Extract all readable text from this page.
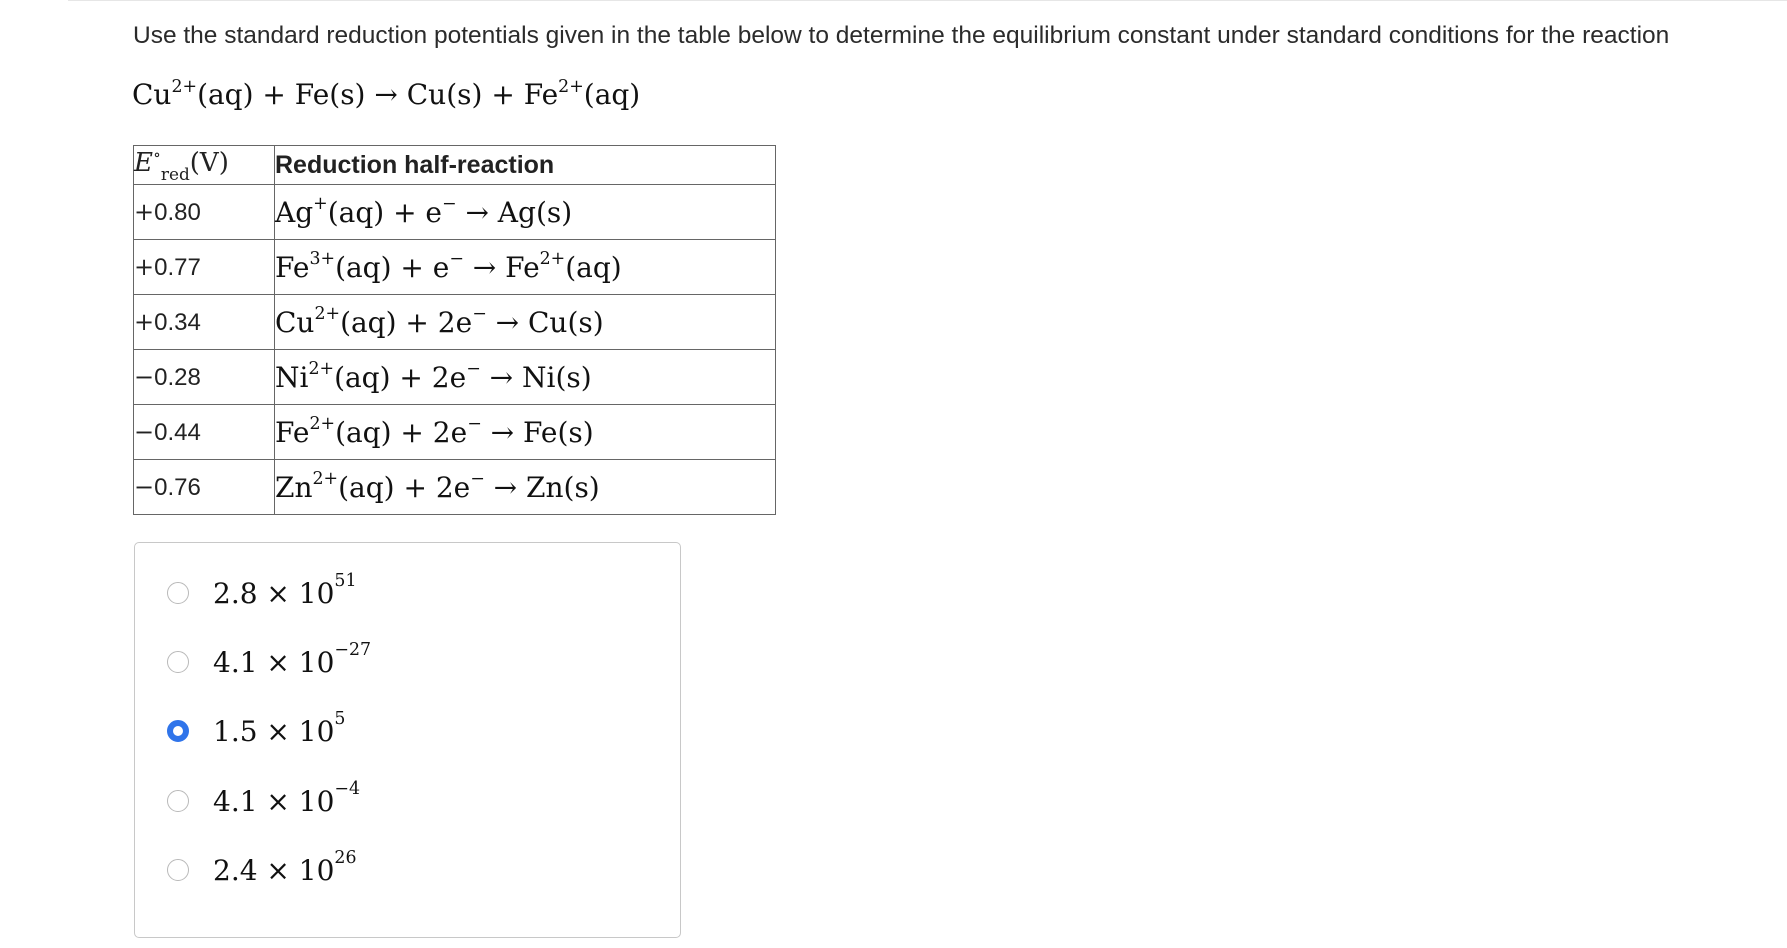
Use the standard reduction potentials given in the table below to determine the equilibrium constant under standard conditions for the reaction
$Cu^{2+}(aq) + Fe(s) \to Cu(s) + Fe^{2+}(aq)$
$E^\circ_{red}(V)$	Reduction half-reaction
+0.80	Ag+(aq) + e− → Ag(s)
+0.77	$Fe^{3+}(aq) + e^- \to Fe^{2+}(aq)$
+0.34	$Cu^{2+}(aq) + 2e^- \to Cu(s)$
−0.28	$Ni^{2+}(aq) + 2e^- \to Ni(s)$
−0.44	$Fe^{2+}(aq) + 2e^- \to Fe(s)$
−0.76	$Zn^{2+}(aq) + 2e^- \to Zn(s)$
$2.8 \times 10^{51}$
$4.1 \times 10^{-27}$
$1.5 \times 10^5$
$4.1 \times 10^{-4}$
$2.4 \times 10^{26}$
